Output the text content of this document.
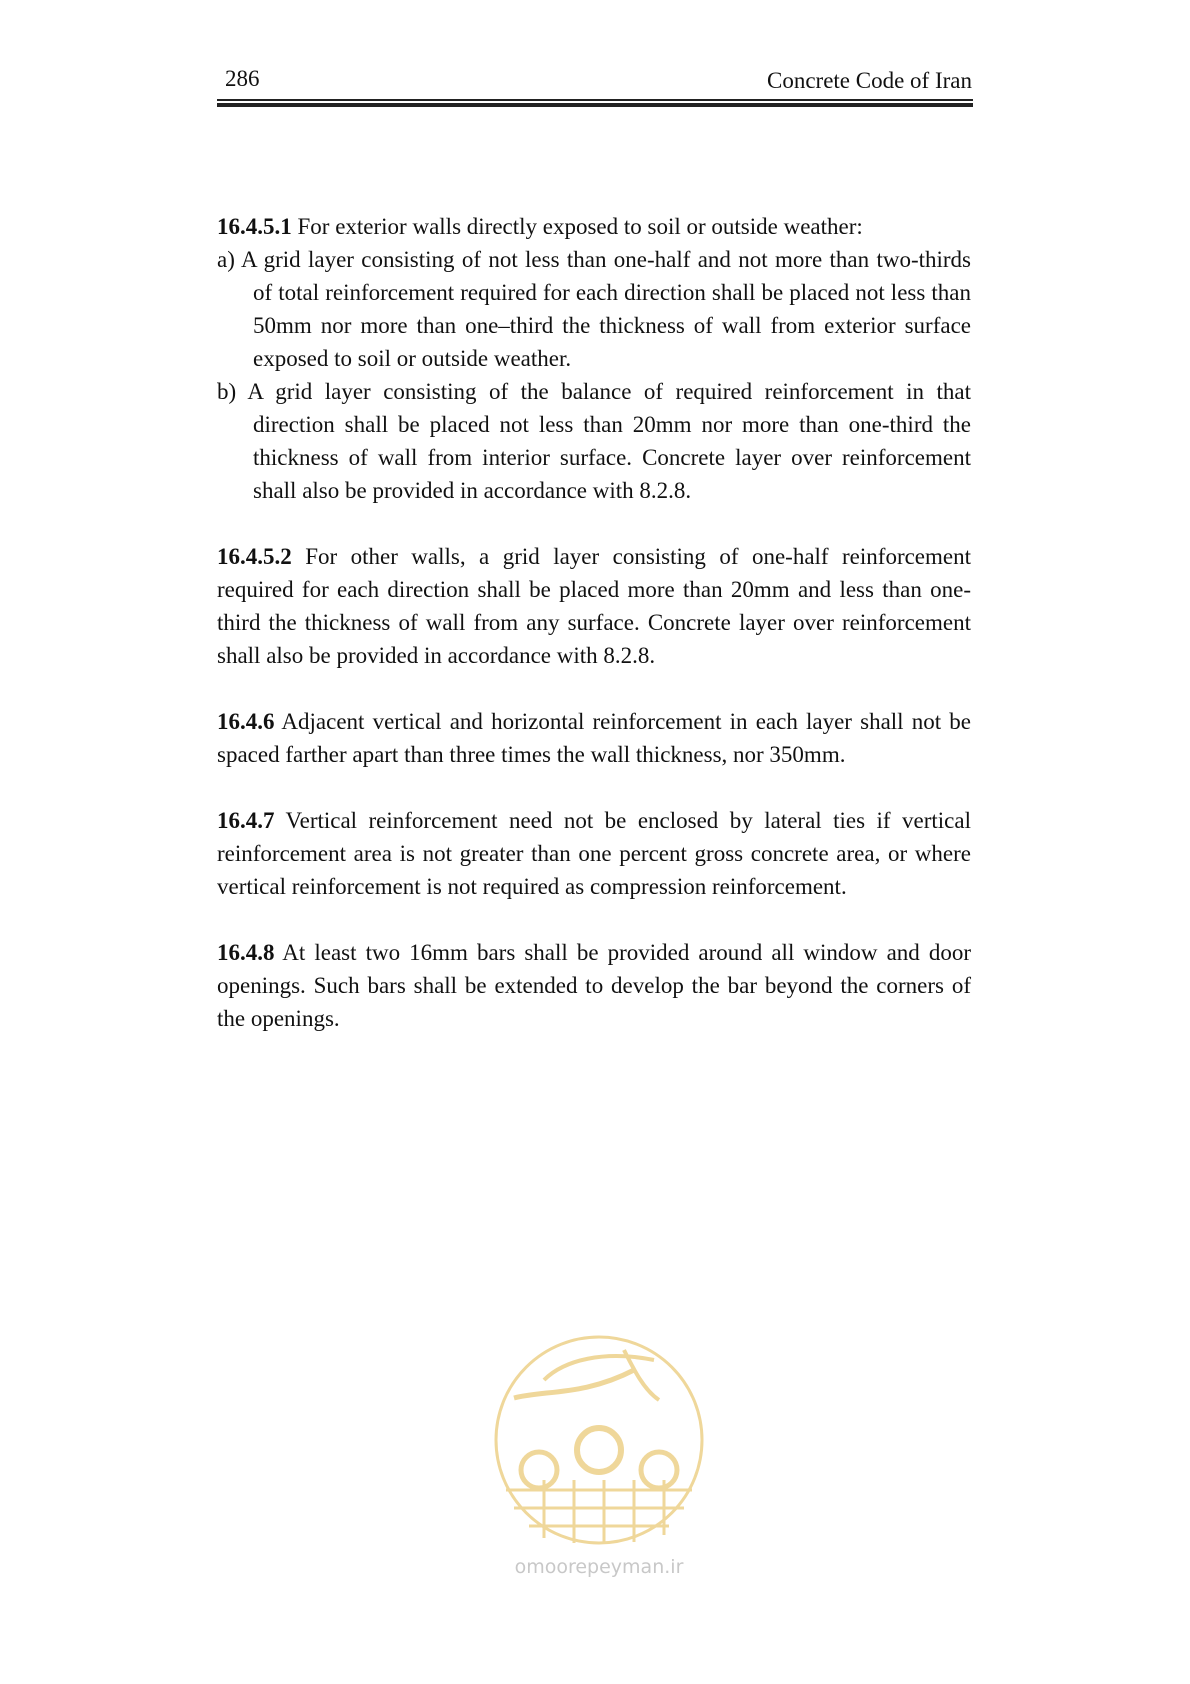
286	Concrete Code of Iran

16.4.5.1 For exterior walls directly exposed to soil or outside weather:

a) A grid layer consisting of not less than one-half and not more than two-thirds of total reinforcement required for each direction shall be placed not less than 50mm nor more than one–third the thickness of wall from exterior surface exposed to soil or outside weather.

b) A grid layer consisting of the balance of required reinforcement in that direction shall be placed not less than 20mm nor more than one-third the thickness of wall from interior surface. Concrete layer over reinforcement shall also be provided in accordance with 8.2.8.

16.4.5.2 For other walls, a grid layer consisting of one-half reinforcement required for each direction shall be placed more than 20mm and less than one-third the thickness of wall from any surface. Concrete layer over reinforcement shall also be provided in accordance with 8.2.8.

16.4.6 Adjacent vertical and horizontal reinforcement in each layer shall not be spaced farther apart than three times the wall thickness, nor 350mm.

16.4.7 Vertical reinforcement need not be enclosed by lateral ties if vertical reinforcement area is not greater than one percent gross concrete area, or where vertical reinforcement is not required as compression reinforcement.

16.4.8 At least two 16mm bars shall be provided around all window and door openings. Such bars shall be extended to develop the bar beyond the corners of the openings.

omoorepeyman.ir
